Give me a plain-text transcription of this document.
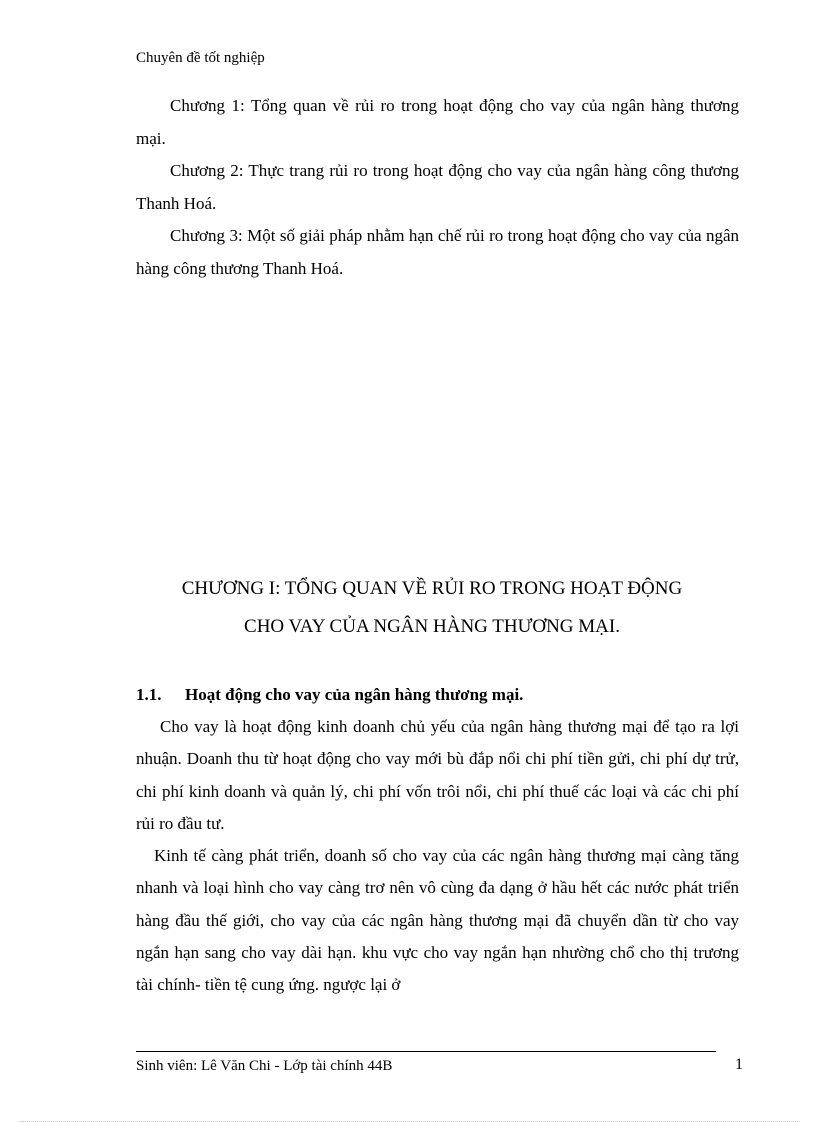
Chuyên đề tốt nghiệp

Chương 1: Tổng quan về rủi ro trong hoạt động cho vay của ngân hàng thương mại.

Chương 2: Thực trang rủi ro trong hoạt động cho vay của ngân hàng công thương Thanh Hoá.

Chương 3: Một số giải pháp nhằm hạn chế rủi ro trong hoạt động cho vay của ngân hàng công thương Thanh Hoá.

CHƯƠNG I: TỔNG QUAN VỀ RỦI RO TRONG HOẠT ĐỘNG
CHO VAY CỦA NGÂN HÀNG THƯƠNG MẠI.
1.1. Hoạt động cho vay của ngân hàng thương mại.

Cho vay là hoạt động kinh doanh chủ yếu của ngân hàng thương mại để tạo ra lợi nhuận. Doanh thu từ hoạt động cho vay mới bù đắp nổi chi phí tiền gửi, chi phí dự trử, chi phí kinh doanh và quản lý, chi phí vốn trôi nổi, chi phí thuế các loại và các chi phí rủi ro đầu tư.

Kinh tế càng phát triển, doanh số cho vay của các ngân hàng thương mại càng tăng nhanh và loại hình cho vay càng trơ nên vô cùng đa dạng ở hầu hết các nước phát triển hàng đầu thế giới, cho vay của các ngân hàng thương mại đã chuyển dần từ cho vay ngắn hạn sang cho vay dài hạn. khu vực cho vay ngắn hạn nhường chổ cho thị trương tài chính- tiền tệ cung ứng. ngược lại ở

Sinh viên: Lê Văn Chi - Lớp tài chính 44B	1
